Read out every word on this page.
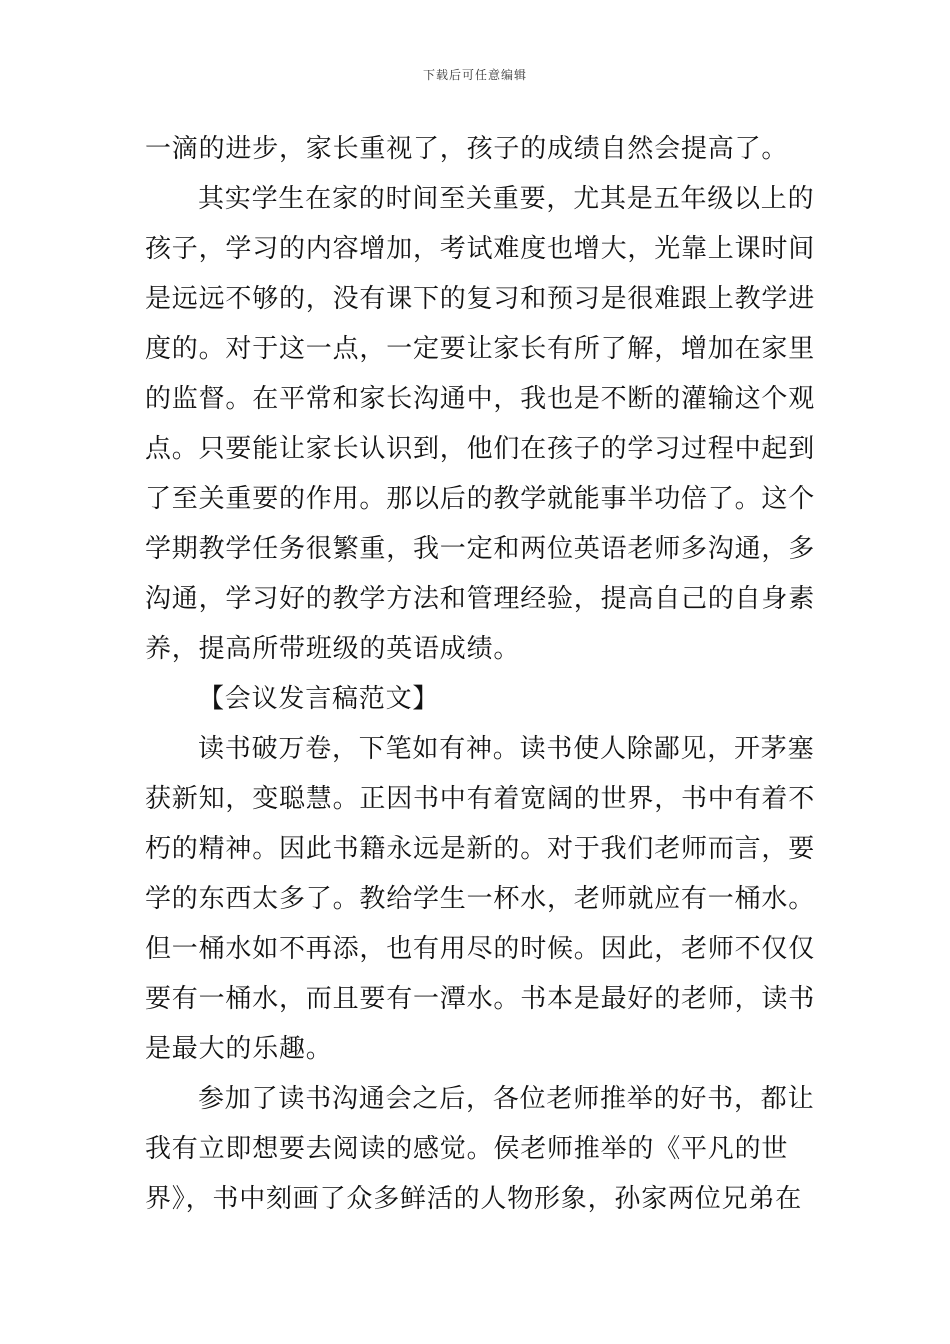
下载后可任意编辑
一滴的进步，家长重视了，孩子的成绩自然会提高了。
其实学生在家的时间至关重要，尤其是五年级以上的
孩子，学习的内容增加，考试难度也增大，光靠上课时间
是远远不够的，没有课下的复习和预习是很难跟上教学进
度的。对于这一点，一定要让家长有所了解，增加在家里
的监督。在平常和家长沟通中，我也是不断的灌输这个观
点。只要能让家长认识到，他们在孩子的学习过程中起到
了至关重要的作用。那以后的教学就能事半功倍了。这个
学期教学任务很繁重，我一定和两位英语老师多沟通，多
沟通，学习好的教学方法和管理经验，提高自己的自身素
养，提高所带班级的英语成绩。
【会议发言稿范文】
读书破万卷，下笔如有神。读书使人除鄙见，开茅塞
获新知，变聪慧。正因书中有着宽阔的世界，书中有着不
朽的精神。因此书籍永远是新的。对于我们老师而言，要
学的东西太多了。教给学生一杯水，老师就应有一桶水。
但一桶水如不再添，也有用尽的时候。因此，老师不仅仅
要有一桶水，而且要有一潭水。书本是最好的老师，读书
是最大的乐趣。
参加了读书沟通会之后，各位老师推举的好书，都让
我有立即想要去阅读的感觉。侯老师推举的《平凡的世
界》，书中刻画了众多鲜活的人物形象，孙家两位兄弟在
